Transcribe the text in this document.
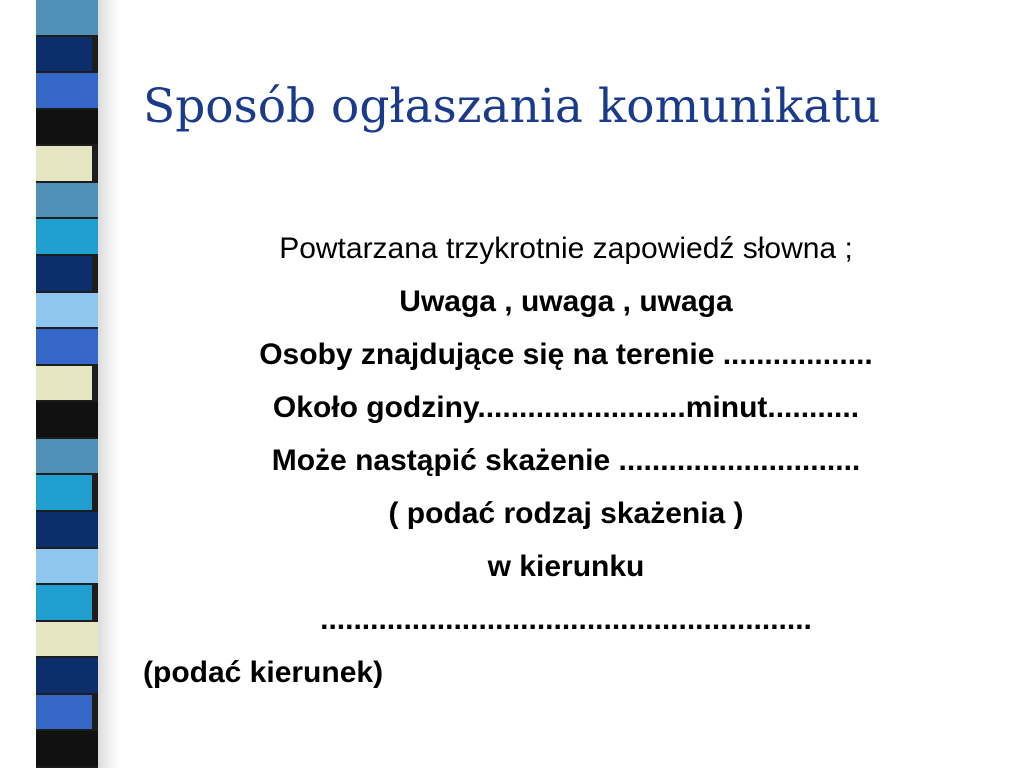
Sposób ogłaszania komunikatu
Powtarzana trzykrotnie zapowiedź słowna ;
Uwaga , uwaga , uwaga
Osoby znajdujące się na terenie ..................
Około godziny.........................minut...........
Może nastąpić skażenie .............................
( podać rodzaj skażenia )
w kierunku
...........................................................
(podać kierunek)
